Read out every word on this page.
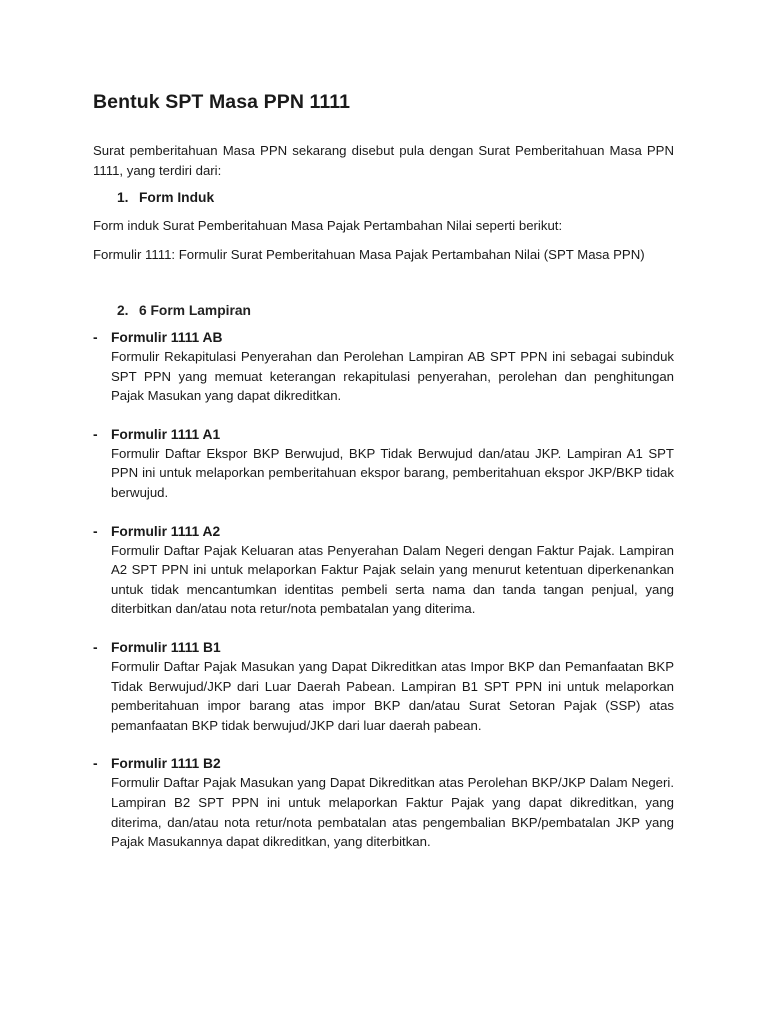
Bentuk SPT Masa PPN 1111

Surat pemberitahuan Masa PPN sekarang disebut pula dengan Surat Pemberitahuan Masa PPN 1111, yang terdiri dari:

1. Form Induk

Form induk Surat Pemberitahuan Masa Pajak Pertambahan Nilai seperti berikut:

Formulir 1111: Formulir Surat Pemberitahuan Masa Pajak Pertambahan Nilai (SPT Masa PPN)

2. 6 Form Lampiran
- Formulir 1111 AB
Formulir Rekapitulasi Penyerahan dan Perolehan Lampiran AB SPT PPN ini sebagai subinduk SPT PPN yang memuat keterangan rekapitulasi penyerahan, perolehan dan penghitungan Pajak Masukan yang dapat dikreditkan.
- Formulir 1111 A1
Formulir Daftar Ekspor BKP Berwujud, BKP Tidak Berwujud dan/atau JKP. Lampiran A1 SPT PPN ini untuk melaporkan pemberitahuan ekspor barang, pemberitahuan ekspor JKP/BKP tidak berwujud.
- Formulir 1111 A2
Formulir Daftar Pajak Keluaran atas Penyerahan Dalam Negeri dengan Faktur Pajak. Lampiran A2 SPT PPN ini untuk melaporkan Faktur Pajak selain yang menurut ketentuan diperkenankan untuk tidak mencantumkan identitas pembeli serta nama dan tanda tangan penjual, yang diterbitkan dan/atau nota retur/nota pembatalan yang diterima.
- Formulir 1111 B1
Formulir Daftar Pajak Masukan yang Dapat Dikreditkan atas Impor BKP dan Pemanfaatan BKP Tidak Berwujud/JKP dari Luar Daerah Pabean. Lampiran B1 SPT PPN ini untuk melaporkan pemberitahuan impor barang atas impor BKP dan/atau Surat Setoran Pajak (SSP) atas pemanfaatan BKP tidak berwujud/JKP dari luar daerah pabean.
- Formulir 1111 B2
Formulir Daftar Pajak Masukan yang Dapat Dikreditkan atas Perolehan BKP/JKP Dalam Negeri. Lampiran B2 SPT PPN ini untuk melaporkan Faktur Pajak yang dapat dikreditkan, yang diterima, dan/atau nota retur/nota pembatalan atas pengembalian BKP/pembatalan JKP yang Pajak Masukannya dapat dikreditkan, yang diterbitkan.
